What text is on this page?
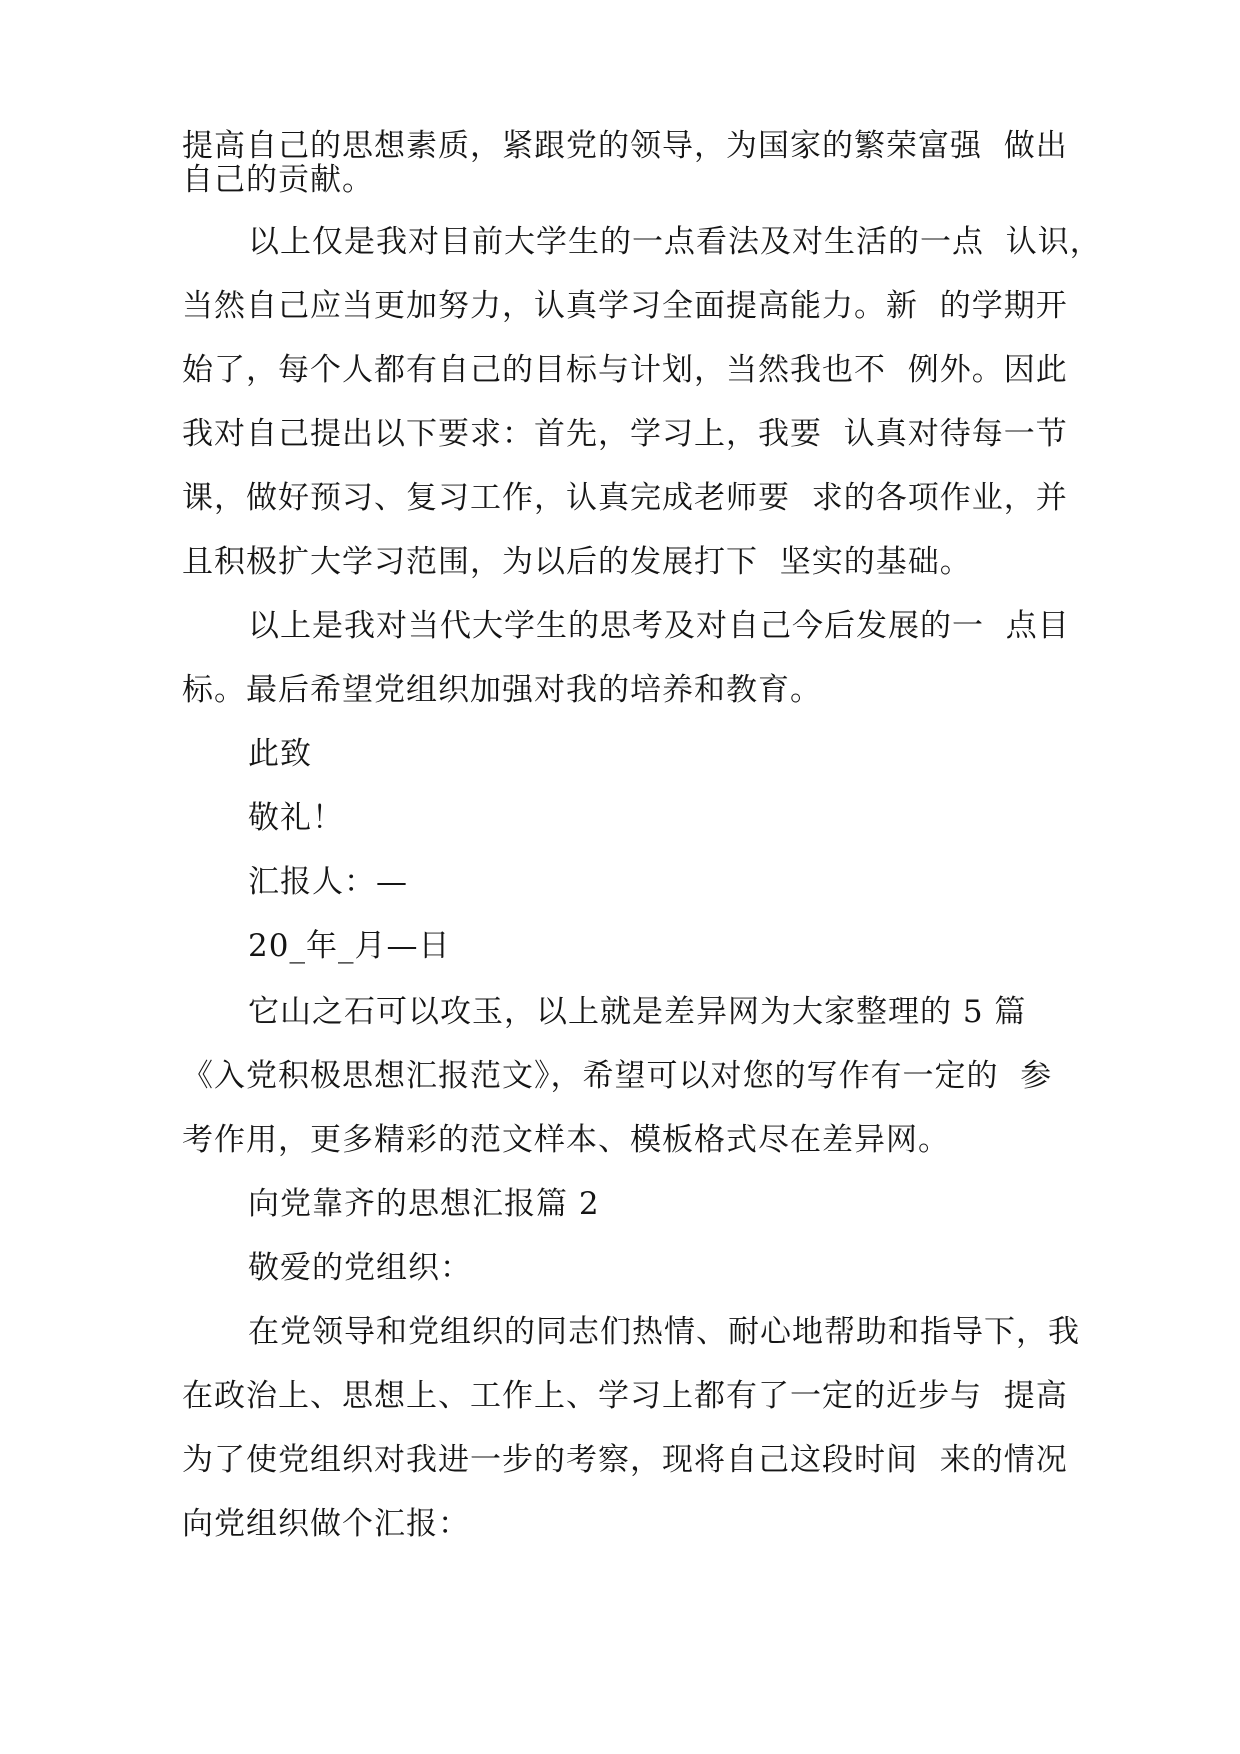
提高自己的思想素质，紧跟党的领导，为国家的繁荣富强  做出
自己的贡献。
以上仅是我对目前大学生的一点看法及对生活的一点  认识，
当然自己应当更加努力，认真学习全面提高能力。新  的学期开
始了，每个人都有自己的目标与计划，当然我也不  例外。因此
我对自己提出以下要求：首先，学习上，我要  认真对待每一节
课，做好预习、复习工作，认真完成老师要  求的各项作业，并
且积极扩大学习范围，为以后的发展打下  坚实的基础。
以上是我对当代大学生的思考及对自己今后发展的一  点目
标。最后希望党组织加强对我的培养和教育。
此致
敬礼！
汇报人：—
20_年_月—日
它山之石可以攻玉，以上就是差异网为大家整理的 5 篇
《入党积极思想汇报范文》，希望可以对您的写作有一定的  参
考作用，更多精彩的范文样本、模板格式尽在差异网。
向党靠齐的思想汇报篇 2
敬爱的党组织：
在党领导和党组织的同志们热情、耐心地帮助和指导下，我
在政治上、思想上、工作上、学习上都有了一定的近步与  提高
为了使党组织对我进一步的考察，现将自己这段时间  来的情况
向党组织做个汇报：
